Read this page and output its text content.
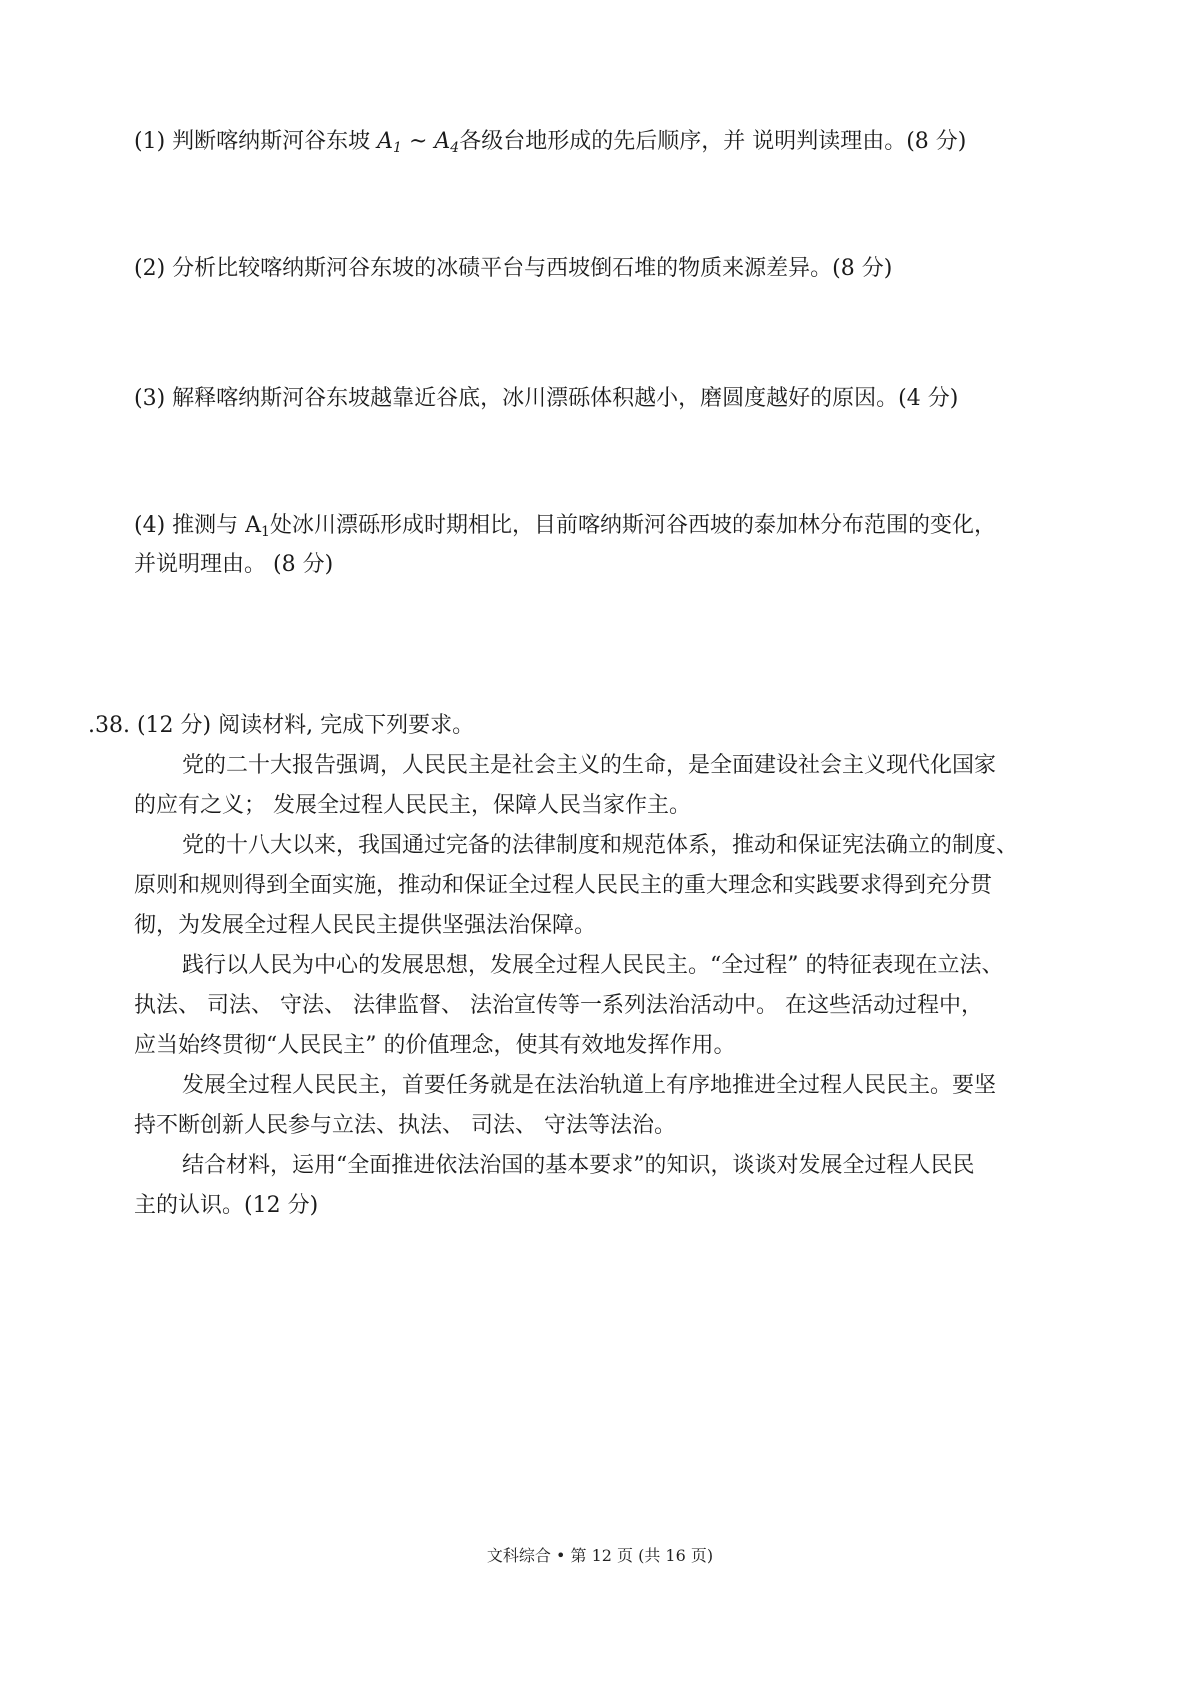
(1) 判断喀纳斯河谷东坡 $A_1$ ~ $A_4$各级台地形成的先后顺序，并 说明判读理由。(8 分)
(2) 分析比较喀纳斯河谷东坡的冰碛平台与西坡倒石堆的物质来源差异。(8 分)
(3) 解释喀纳斯河谷东坡越靠近谷底，冰川漂砾体积越小，磨圆度越好的原因。(4 分)
(4) 推测与 A1处冰川漂砾形成时期相比，目前喀纳斯河谷西坡的泰加林分布范围的变化，
并说明理由。 (8 分)
.38. (12 分) 阅读材料, 完成下列要求。
党的二十大报告强调，人民民主是社会主义的生命，是全面建设社会主义现代化国家
的应有之义； 发展全过程人民民主，保障人民当家作主。
党的十八大以来，我国通过完备的法律制度和规范体系，推动和保证宪法确立的制度、
原则和规则得到全面实施，推动和保证全过程人民民主的重大理念和实践要求得到充分贯
彻，为发展全过程人民民主提供坚强法治保障。
践行以人民为中心的发展思想，发展全过程人民民主。“全过程” 的特征表现在立法、
执法、 司法、 守法、 法律监督、 法治宣传等一系列法治活动中。 在这些活动过程中，
应当始终贯彻“人民民主” 的价值理念，使其有效地发挥作用。
发展全过程人民民主，首要任务就是在法治轨道上有序地推进全过程人民民主。要坚
持不断创新人民参与立法、执法、 司法、 守法等法治。
结合材料，运用“全面推进依法治国的基本要求”的知识，谈谈对发展全过程人民民
主的认识。(12 分)
文科综合 • 第 12 页 (共 16 页)
